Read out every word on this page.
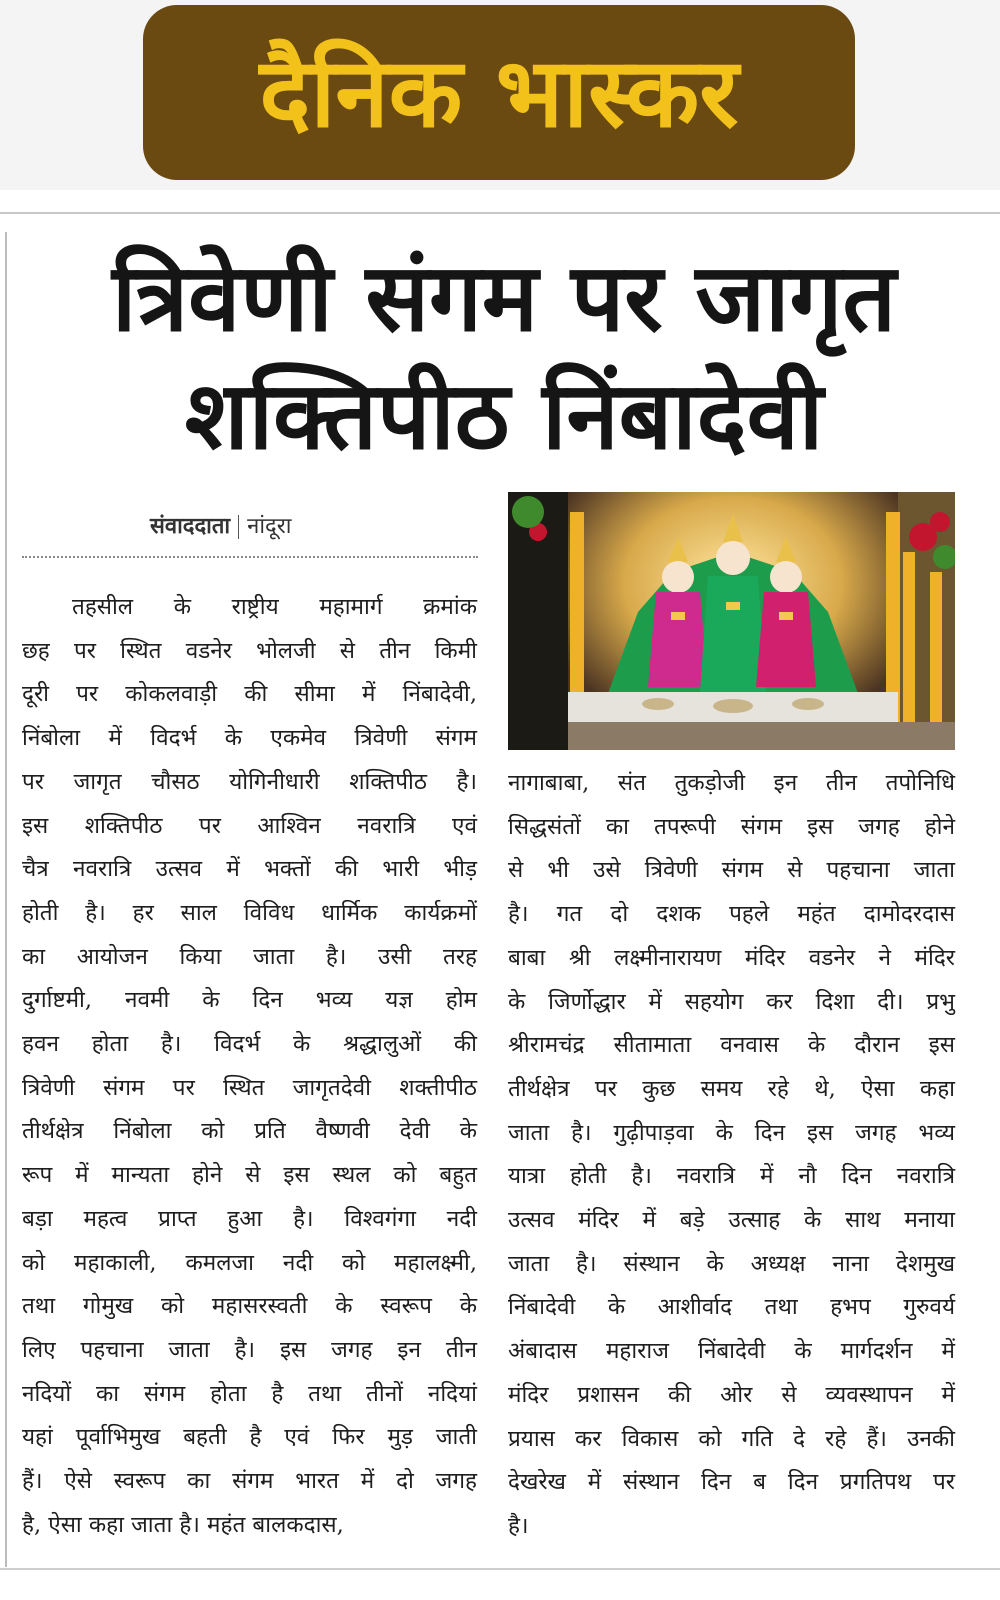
दैनिक भास्कर
त्रिवेणी संगम पर जागृत
शक्तिपीठ निंबादेवी
संवाददाता नांदूरा
तहसील के राष्ट्रीय महामार्ग क्रमांक
छह पर स्थित वडनेर भोलजी से तीन किमी
दूरी पर कोकलवाड़ी की सीमा में निंबादेवी,
निंबोला में विदर्भ के एकमेव त्रिवेणी संगम
पर जागृत चौसठ योगिनीधारी शक्तिपीठ है।
इस शक्तिपीठ पर आश्विन नवरात्रि एवं
चैत्र नवरात्रि उत्सव में भक्तों की भारी भीड़
होती है। हर साल विविध धार्मिक कार्यक्रमों
का आयोजन किया जाता है। उसी तरह
दुर्गाष्टमी, नवमी के दिन भव्य यज्ञ होम
हवन होता है। विदर्भ के श्रद्धालुओं की
त्रिवेणी संगम पर स्थित जागृतदेवी शक्तीपीठ
तीर्थक्षेत्र निंबोला को प्रति वैष्णवी देवी के
रूप में मान्यता होने से इस स्थल को बहुत
बड़ा महत्व प्राप्त हुआ है। विश्वगंगा नदी
को महाकाली, कमलजा नदी को महालक्ष्मी,
तथा गोमुख को महासरस्वती के स्वरूप के
लिए पहचाना जाता है। इस जगह इन तीन
नदियों का संगम होता है तथा तीनों नदियां
यहां पूर्वाभिमुख बहती है एवं फिर मुड़ जाती
हैं। ऐसे स्वरूप का संगम भारत में दो जगह
है, ऐसा कहा जाता है। महंत बालकदास,
नागाबाबा, संत तुकड़ोजी इन तीन तपोनिधि
सिद्धसंतों का तपरूपी संगम इस जगह होने
से भी उसे त्रिवेणी संगम से पहचाना जाता
है। गत दो दशक पहले महंत दामोदरदास
बाबा श्री लक्ष्मीनारायण मंदिर वडनेर ने मंदिर
के जिर्णोद्धार में सहयोग कर दिशा दी। प्रभु
श्रीरामचंद्र सीतामाता वनवास के दौरान इस
तीर्थक्षेत्र पर कुछ समय रहे थे, ऐसा कहा
जाता है। गुढ़ीपाड़वा के दिन इस जगह भव्य
यात्रा होती है। नवरात्रि में नौ दिन नवरात्रि
उत्सव मंदिर में बड़े उत्साह के साथ मनाया
जाता है। संस्थान के अध्यक्ष नाना देशमुख
निंबादेवी के आशीर्वाद तथा हभप गुरुवर्य
अंबादास महाराज निंबादेवी के मार्गदर्शन में
मंदिर प्रशासन की ओर से व्यवस्थापन में
प्रयास कर विकास को गति दे रहे हैं। उनकी
देखरेख में संस्थान दिन ब दिन प्रगतिपथ पर
है।
